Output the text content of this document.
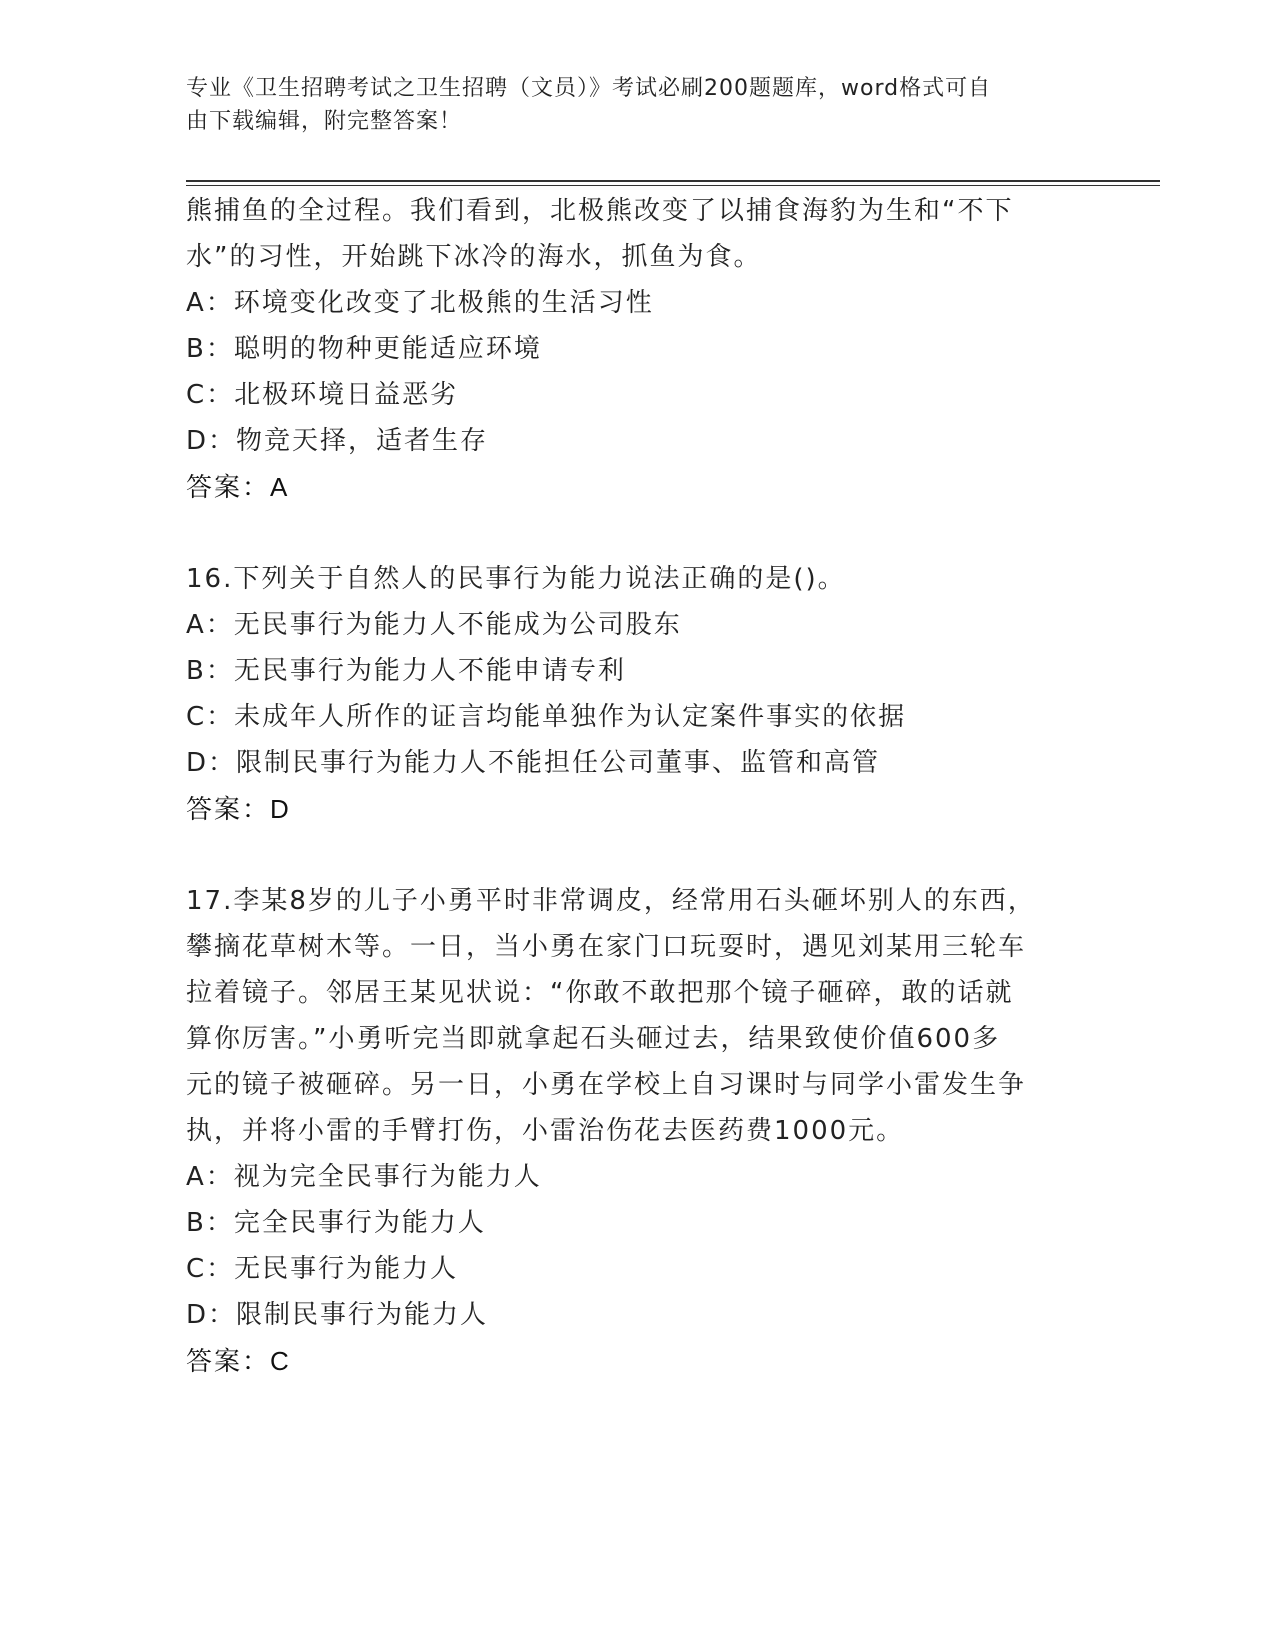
专业《卫生招聘考试之卫生招聘（文员）》考试必刷200题题库，word格式可自
由下载编辑，附完整答案！
熊捕鱼的全过程。我们看到，北极熊改变了以捕食海豹为生和“不下
水”的习性，开始跳下冰冷的海水，抓鱼为食。
A：环境变化改变了北极熊的生活习性
B：聪明的物种更能适应环境
C：北极环境日益恶劣
D：物竞天择，适者生存
答案：A
16.下列关于自然人的民事行为能力说法正确的是()。
A：无民事行为能力人不能成为公司股东
B：无民事行为能力人不能申请专利
C：未成年人所作的证言均能单独作为认定案件事实的依据
D：限制民事行为能力人不能担任公司董事、监管和高管
答案：D
17.李某8岁的儿子小勇平时非常调皮，经常用石头砸坏别人的东西，
攀摘花草树木等。一日，当小勇在家门口玩耍时，遇见刘某用三轮车
拉着镜子。邻居王某见状说：“你敢不敢把那个镜子砸碎，敢的话就
算你厉害。”小勇听完当即就拿起石头砸过去，结果致使价值600多
元的镜子被砸碎。另一日，小勇在学校上自习课时与同学小雷发生争
执，并将小雷的手臂打伤，小雷治伤花去医药费1000元。
A：视为完全民事行为能力人
B：完全民事行为能力人
C：无民事行为能力人
D：限制民事行为能力人
答案：C
